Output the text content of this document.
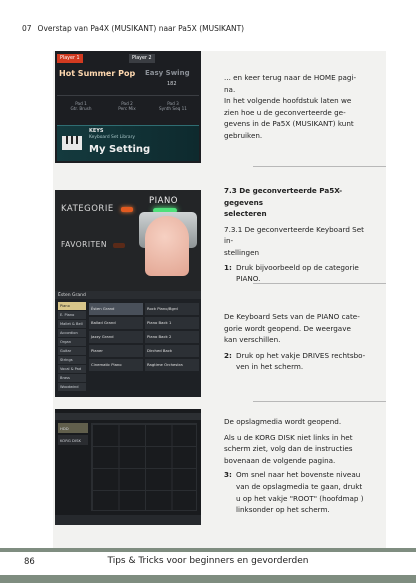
07 Overstap van Pa4X (MUSIKANT) naar Pa5X (MUSIKANT)
Player 1	Player 2
Hot Summer Pop Easy Swing
182
Pad 1
Gtr. Brush
Pad 2
Perc Mix
Pad 3
Synth Seq 11
KEYS
Keyboard Set Library
My Setting

... en keer terug naar de HOME pagi-

na.

In het volgende hoofdstuk laten we

zien hoe u de geconverteerde ge-

gevens in de Pa5X (MUSIKANT) kunt

gebruiken.

KATEGORIE
PIANO
FAVORITEN

7.3 De geconverteerde Pa5X-gegevens

selecteren

7.3.1 De geconverteerde Keyboard Set in-

stellingen

1: Druk bijvoorbeeld op de categorie
PIANO.
Ësten Grand
Piano
E. Piano
Mallet & Bell
Accordion
Organ
Guitar
Strings
Vocal & Pad
Brass
Woodwind
Ësten Grand	Rock Piano/Bgrd
Ballad Grand	Piano Back 1
Jazzy Grand	Piano Back 2
Pianer	Dirched Back
Cinematic Piano	Ragtime Orchestra

De Keyboard Sets van de PIANO cate-

gorie wordt geopend. De weergave

kan verschillen.

2: Druk op het vakje DRIVES rechtsbo-
ven in het scherm.
HDD
KORG DISK

De opslagmedia wordt geopend.

Als u de KORG DISK niet links in het

scherm ziet, volg dan de instructies

bovenaan de volgende pagina.

3: Om snel naar het bovenste niveau
van de opslagmedia te gaan, drukt
u op het vakje "ROOT" (hoofdmap )
linksonder op het scherm.
86	Tips & Tricks voor beginners en gevorderden
